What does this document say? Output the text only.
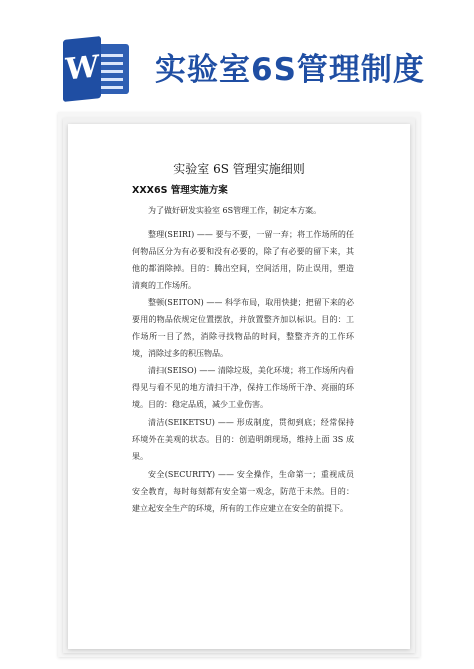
W 实验室6S管理制度
实验室 6S 管理实施细则
XXX6S 管理实施方案

为了做好研发实验室 6S管理工作，制定本方案。

整理(SEIRI) —— 要与不要，一留一弃；将工作场所的任何物品区分为有必要和没有必要的，除了有必要的留下来，其他的都消除掉。目的：腾出空间，空间活用，防止误用，塑造清爽的工作场所。

整顿(SEITON) —— 科学布局，取用快捷；把留下来的必要用的物品依规定位置摆放，并放置整齐加以标识。目的：工作场所一目了然，消除寻找物品的时间，整整齐齐的工作环境，消除过多的积压物品。

清扫(SEISO) —— 清除垃圾，美化环境；将工作场所内看得见与看不见的地方清扫干净，保持工作场所干净、亮丽的环境。目的：稳定品质，减少工业伤害。

清洁(SEIKETSU) —— 形成制度，贯彻到底；经常保持环境外在美观的状态。目的：创造明朗现场，维持上面 3S 成果。

安全(SECURITY) —— 安全操作，生命第一；重视成员安全教育，每时每刻都有安全第一观念，防范于未然。目的：建立起安全生产的环境，所有的工作应建立在安全的前提下。
